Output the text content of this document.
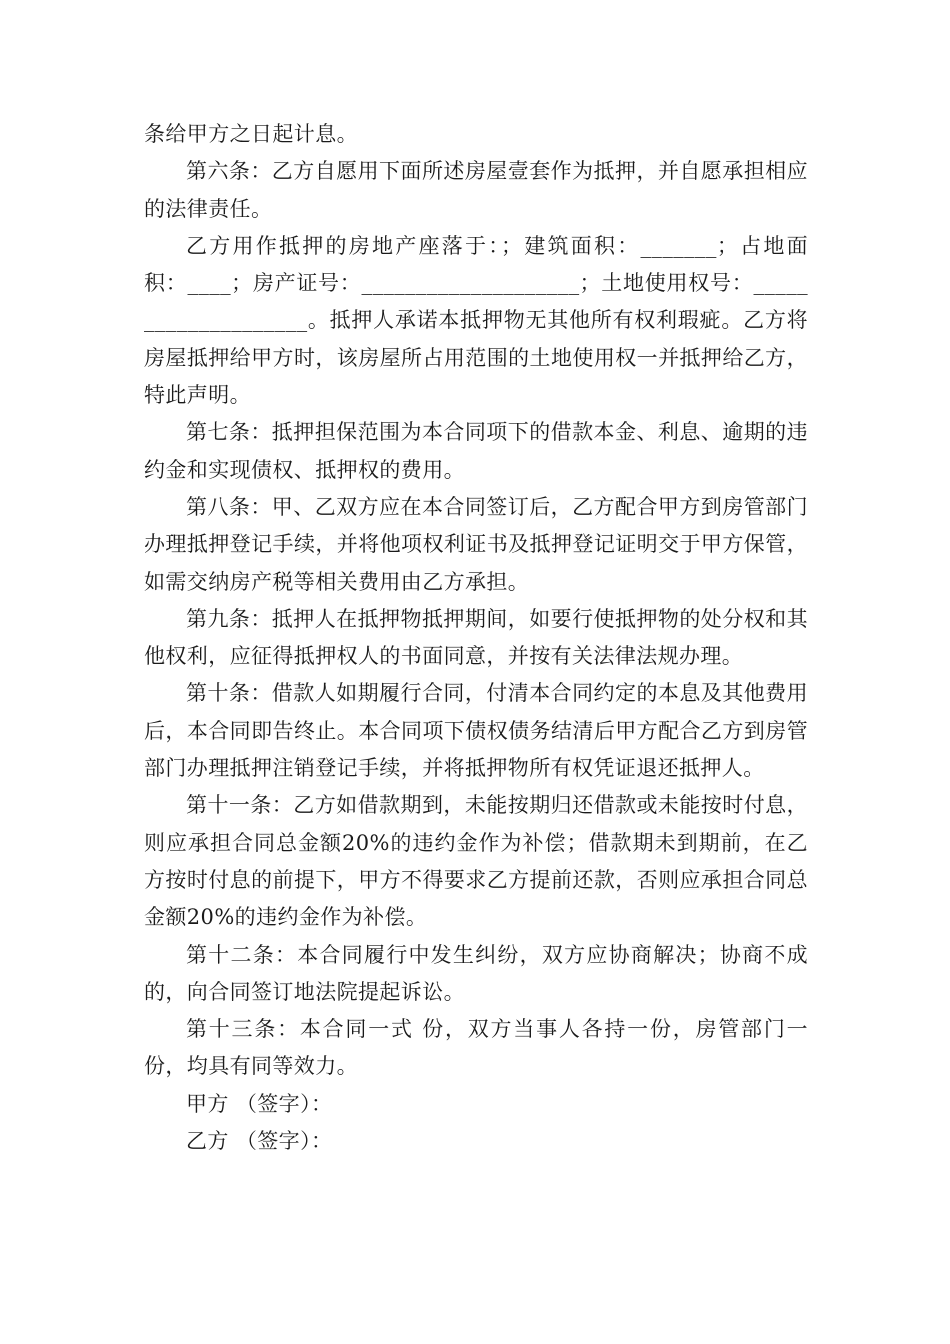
条给甲方之日起计息。

第六条：乙方自愿用下面所述房屋壹套作为抵押，并自愿承担相应的法律责任。

乙方用作抵押的房地产座落于：；建筑面积：_______；占地面积：____；房产证号：____________________；土地使用权号：____________________。抵押人承诺本抵押物无其他所有权利瑕疵。乙方将房屋抵押给甲方时，该房屋所占用范围的土地使用权一并抵押给乙方，特此声明。

第七条：抵押担保范围为本合同项下的借款本金、利息、逾期的违约金和实现债权、抵押权的费用。

第八条：甲、乙双方应在本合同签订后，乙方配合甲方到房管部门办理抵押登记手续，并将他项权利证书及抵押登记证明交于甲方保管，如需交纳房产税等相关费用由乙方承担。

第九条：抵押人在抵押物抵押期间，如要行使抵押物的处分权和其他权利，应征得抵押权人的书面同意，并按有关法律法规办理。

第十条：借款人如期履行合同，付清本合同约定的本息及其他费用后，本合同即告终止。本合同项下债权债务结清后甲方配合乙方到房管部门办理抵押注销登记手续，并将抵押物所有权凭证退还抵押人。

第十一条：乙方如借款期到，未能按期归还借款或未能按时付息，则应承担合同总金额20%的违约金作为补偿；借款期未到期前，在乙方按时付息的前提下，甲方不得要求乙方提前还款，否则应承担合同总金额20%的违约金作为补偿。

第十二条：本合同履行中发生纠纷，双方应协商解决；协商不成的，向合同签订地法院提起诉讼。

第十三条：本合同一式 份，双方当事人各持一份，房管部门一份，均具有同等效力。

甲方 （签字）：

乙方 （签字）：
